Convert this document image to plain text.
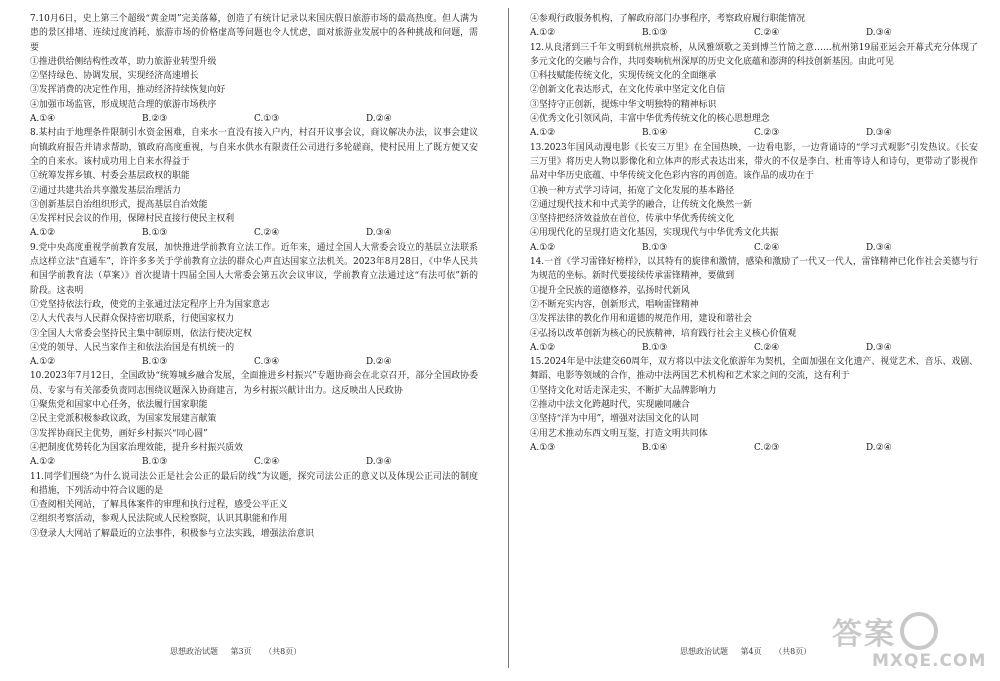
7.10月6日，史上第三个超级“黄金周”完美落幕，创造了有统计记录以来国庆假日旅游市场的最高热度。但人满为患的景区排堵、连续过度消耗、旅游市场的价格虚高等问题也令人忧虑，面对旅游业发展中的各种挑战和问题，需要

①推进供给侧结构性改革，助力旅游业转型升级

②坚持绿色、协调发展，实现经济高速增长

③发挥消费的决定性作用，推动经济持续恢复向好

④加强市场监管，形成规范合理的旅游市场秩序

A.①④	B.②③	C.①③	D.②④

8.某村由于地理条件限制引水资金困难，自来水一直没有接入户内，村召开议事会议，商议解决办法，议事会建议向镇政府报告并请求帮助，镇政府高度重视，与自来水供水有限责任公司进行多轮磋商，使村民用上了既方便又安全的自来水。该村成功用上自来水得益于

①统筹发挥乡镇、村委会基层政权的职能

②通过共建共治共享激发基层治理活力

③创新基层自治组织形式，提高基层自治效能

④发挥村民会议的作用，保障村民直接行使民主权利

A.①②	B.①③	C.②④	D.③④

9.党中央高度重视学前教育发展，加快推进学前教育立法工作。近年来，通过全国人大常委会设立的基层立法联系点这样立法“直通车”，许许多多关于学前教育立法的群众心声直达国家立法机关。2023年8月28日，《中华人民共和国学前教育法（草案）》首次提请十四届全国人大常委会第五次会议审议，学前教育立法通过这“有法可依”新的阶段。这表明

①党坚持依法行政，使党的主张通过法定程序上升为国家意志

②人大代表与人民群众保持密切联系，行使国家权力

③全国人大常委会坚持民主集中制原则，依法行使决定权

④党的领导、人民当家作主和依法治国是有机统一的

A.①②	B.①③	C.③④	D.②④

10.2023年7月12日，全国政协“统筹城乡融合发展，全面推进乡村振兴”专题协商会在北京召开，部分全国政协委员、专家与有关部委负责同志围绕议题深入协商建言，为乡村振兴献计出力。这反映出人民政协

①聚焦党和国家中心任务，依法履行国家职能

②民主党派积极参政议政，为国家发展建言献策

③发挥协商民主优势，画好乡村振兴“同心圆”

④把制度优势转化为国家治理效能，提升乡村振兴质效

A.①②	B.①③	C.②④	D.③④

11.同学们围绕“为什么说司法公正是社会公正的最后防线”为议题，探究司法公正的意义以及体现公正司法的制度和措施，下列活动中符合议题的是

①查阅相关网站，了解具体案件的审理和执行过程，感受公平正义

②组织考察活动，参观人民法院或人民检察院，认识其职能和作用

③登录人大网站了解最近的立法事件，积极参与立法实践，增强法治意识

④参观行政服务机构，了解政府部门办事程序，考察政府履行职能情况

A.①②	B.①③	C.②④	D.③④

12.从良渚到三千年文明到杭州拱宸桥，从风雅颂歌之美到博兰竹简之意……杭州第19届亚运会开幕式充分体现了多元文化的交融与合作，共同奏响杭州深厚的历史文化底蕴和澎湃的科技创新基因。由此可见

①科技赋能传统文化，实现传统文化的全面继承

②创新文化表达形式，在文化传承中坚定文化自信

③坚持守正创新，提炼中华文明独特的精神标识

④优秀文化引领风尚，丰富中华优秀传统文化的核心思想理念

A.①②	B.①④	C.②③	D.③④

13.2023年国风动漫电影《长安三万里》在全国热映，一边看电影，一边背诵诗的“学习式观影”引发热议。《长安三万里》将历史人物以影像化和立体声的形式表达出来，带火的不仅是李白、杜甫等诗人和诗句，更带动了影视作品对中华历史底蕴、中华传统文化色彩内容的再创造。该作品的成功在于

①换一种方式学习诗词，拓宽了文化发展的基本路径

②通过现代技术和中式美学的融合，让传统文化焕然一新

③坚持把经济效益放在首位，传承中华优秀传统文化

④用现代化的呈现打造文化基因，实现现代与中华优秀文化共振

A.①②	B.①③	C.②④	D.③④

14.一首《学习雷锋好榜样》，以其特有的旋律和激情，感染和激励了一代又一代人，雷锋精神已化作社会美德与行为规范的坐标。新时代要接续传承雷锋精神，要做到

①提升全民族的道德修养，弘扬时代新风

②不断充实内容，创新形式，唱响雷锋精神

③发挥法律的教化作用和道德的规范作用，建设和谐社会

④弘扬以改革创新为核心的民族精神，培育践行社会主义核心价值观

A.①②	B.①③	C.②④	D.③④

15.2024年是中法建交60周年，双方将以中法文化旅游年为契机，全面加强在文化遗产、视觉艺术、音乐、戏剧、舞蹈、电影等领域的合作，推动中法两国艺术机构和艺术家之间的交流，这有利于

①坚持文化对话走深走实，不断扩大品牌影响力

②推动中法文化跨越时代，实现融同融合

③坚持“洋为中用”，增强对法国文化的认同

④用艺术推动东西文明互鉴，打造文明共同体

A.①③	B.①④	C.②③	D.②④
思想政治试题 第3页 （共8页）	思想政治试题 第4页 （共8页） 答案
MXQE.COM
